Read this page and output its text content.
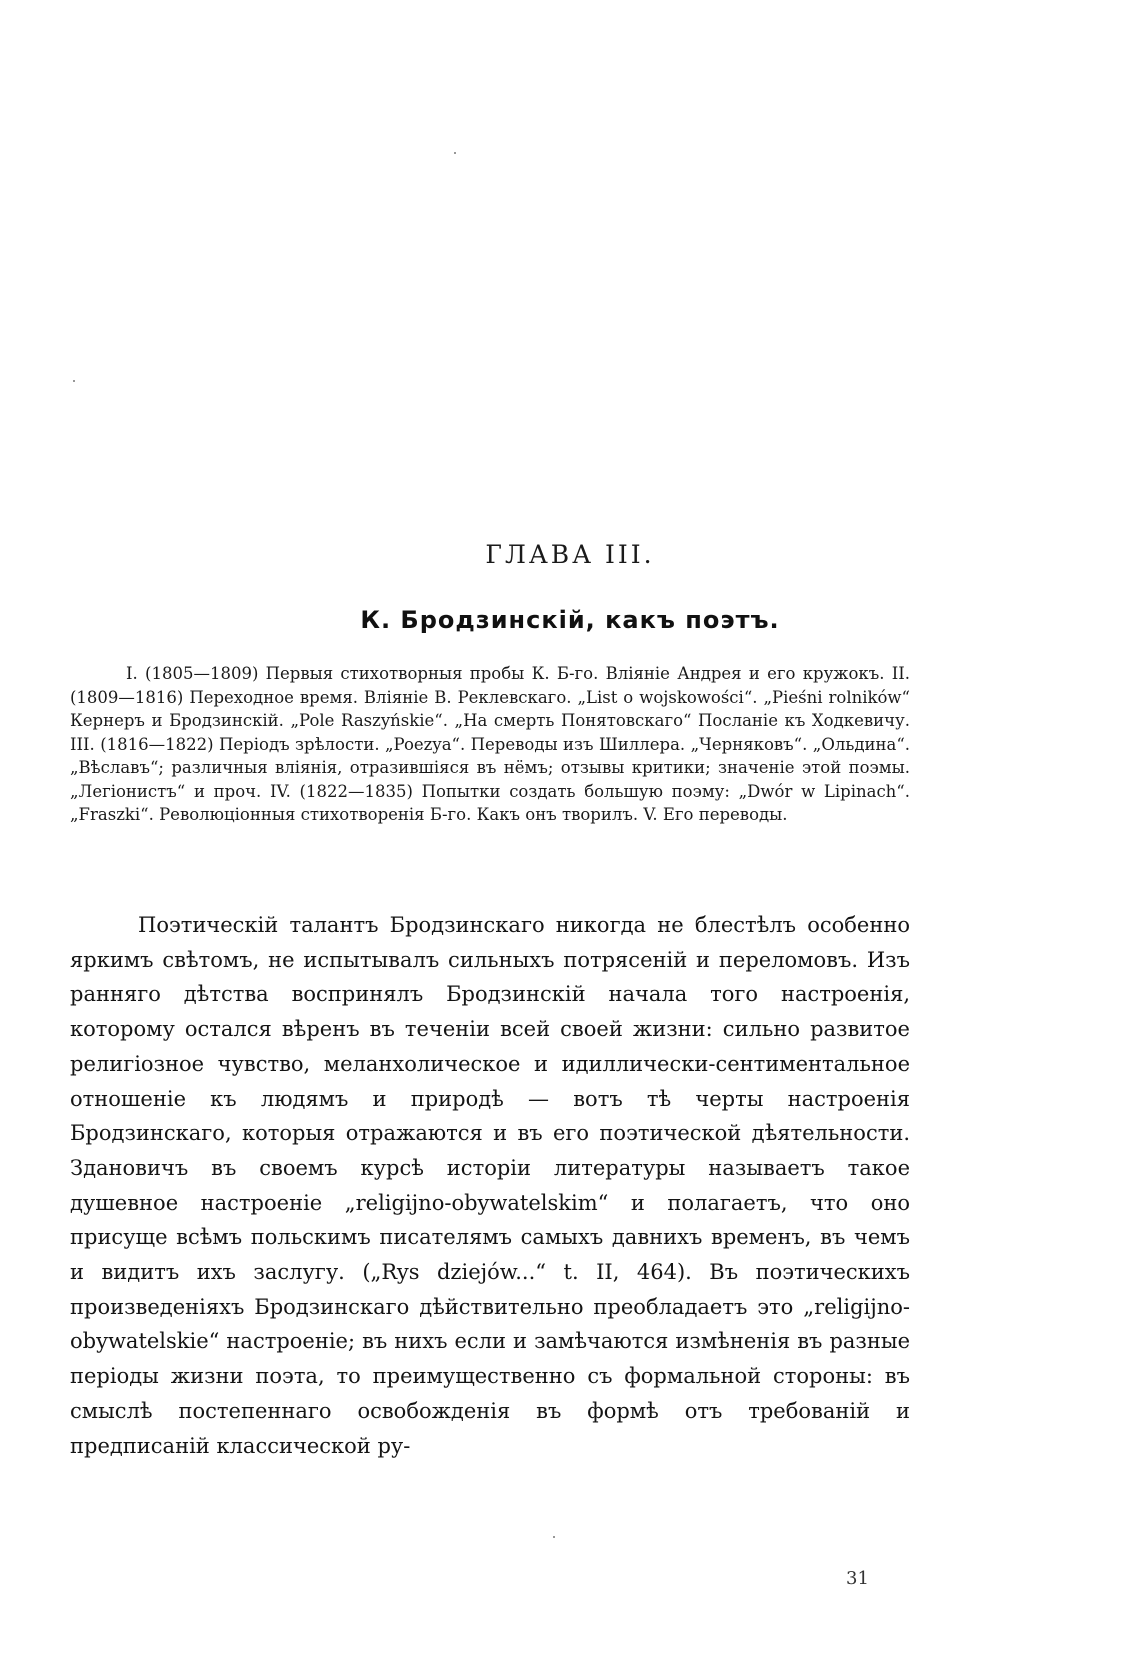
ГЛАВА III.
К. Бродзинскій, какъ поэтъ.

I. (1805—1809) Первыя стихотворныя пробы К. Б-го. Вліяніе Андрея и его кружокъ. II. (1809—1816) Переходное время. Вліяніе В. Реклевскаго. „List o wojskowości“. „Pieśni rolników“ Кернеръ и Бродзинскій. „Pole Raszyńskie“. „На смерть Понятовскаго“ Посланіе къ Ходкевичу. III. (1816—1822) Періодъ зрѣлости. „Poezya“. Переводы изъ Шиллера. „Черняковъ“. „Ольдина“. „Вѣславъ“; различныя вліянія, отразившіяся въ нёмъ; отзывы критики; значеніе этой поэмы. „Легіонистъ“ и проч. IV. (1822—1835) Попытки создать большую поэму: „Dwór w Lipinach“. „Fraszki“. Революціонныя стихотворенія Б-го. Какъ онъ творилъ. V. Его переводы.

Поэтическій талантъ Бродзинскаго никогда не блестѣлъ особенно яркимъ свѣтомъ, не испытывалъ сильныхъ потрясеній и переломовъ. Изъ ранняго дѣтства воспринялъ Бродзинскій начала того настроенія, которому остался вѣренъ въ теченіи всей своей жизни: сильно развитое религіозное чувство, меланхолическое и идиллически-сентиментальное отношеніе къ людямъ и природѣ — вотъ тѣ черты настроенія Бродзинскаго, которыя отражаются и въ его поэтической дѣятельности. Здановичъ въ своемъ курсѣ исторіи литературы называетъ такое душевное настроеніе „religijno-obywatelskim“ и полагаетъ, что оно присуще всѣмъ польскимъ писателямъ самыхъ давнихъ временъ, въ чемъ и видитъ ихъ заслугу. („Rys dziejów...“ t. II, 464). Въ поэтическихъ произведеніяхъ Бродзинскаго дѣйствительно преобладаетъ это „religijno-obywatelskie“ настроеніе; въ нихъ если и замѣчаются измѣненія въ разные періоды жизни поэта, то преимущественно съ формальной стороны: въ смыслѣ постепеннаго освобожденія въ формѣ отъ требованій и предписаній классической ру-

31
